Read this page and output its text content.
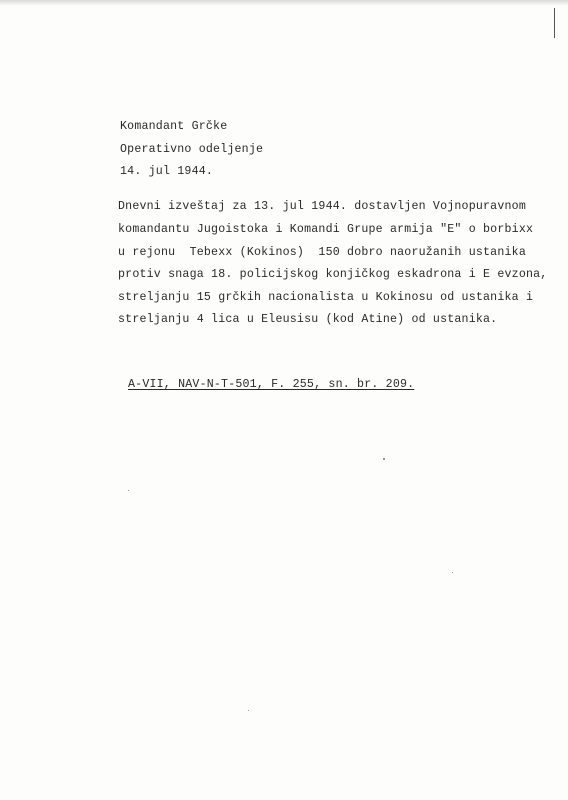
Komandant Grčke
Operativno odeljenje
14. jul 1944.
Dnevni izveštaj za 13. jul 1944. dostavljen Vojnopuravnom
komandantu Jugoistoka i Komandi Grupe armija "E" o borbixx
u rejonu  Tebexx (Kokinos)  150 dobro naoružanih ustanika
protiv snaga 18. policijskog konjičkog eskadrona i E evzona,
A-VII, NAV-N-T-501, F. 255, sn. br. 209.
streljanju 15 grčkih nacionalista u Kokinosu od ustanika i
streljanju 4 lica u Eleusisu (kod Atine) od ustanika.
